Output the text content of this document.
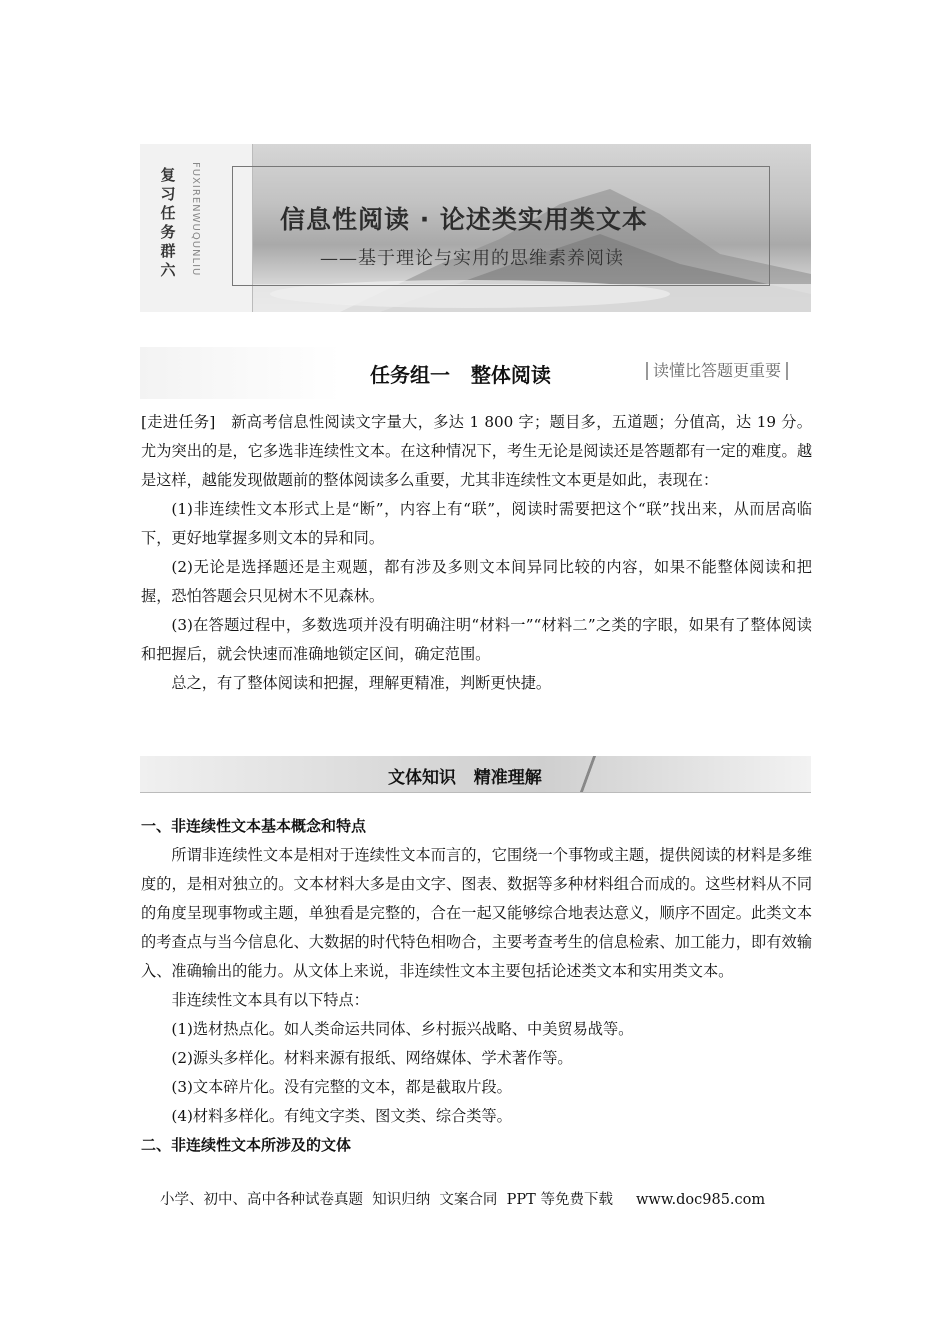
复习任务群六 FUXIRENWUQUNLIU	信息性阅读 · 论述类实用类文本
——基于理论与实用的思维素养阅读
任务组一   整体阅读	读懂比答题更重要

[走进任务]　 新高考信息性阅读文字量大，多达 1 800 字；题目多，五道题；分值高，达 19 分。尤为突出的是，它多选非连续性文本。在这种情况下，考生无论是阅读还是答题都有一定的难度。越是这样，越能发现做题前的整体阅读多么重要，尤其非连续性文本更是如此，表现在：

(1)非连续性文本形式上是“断”，内容上有“联”，阅读时需要把这个“联”找出来，从而居高临下，更好地掌握多则文本的异和同。

(2)无论是选择题还是主观题，都有涉及多则文本间异同比较的内容，如果不能整体阅读和把握，恐怕答题会只见树木不见森林。

(3)在答题过程中，多数选项并没有明确注明“材料一”“材料二”之类的字眼，如果有了整体阅读和把握后，就会快速而准确地锁定区间，确定范围。

总之，有了整体阅读和把握，理解更精准，判断更快捷。

文体知识   精准理解

一、非连续性文本基本概念和特点

所谓非连续性文本是相对于连续性文本而言的，它围绕一个事物或主题，提供阅读的材料是多维度的，是相对独立的。文本材料大多是由文字、图表、数据等多种材料组合而成的。这些材料从不同的角度呈现事物或主题，单独看是完整的，合在一起又能够综合地表达意义，顺序不固定。此类文本的考查点与当今信息化、大数据的时代特色相吻合，主要考查考生的信息检索、加工能力，即有效输入、准确输出的能力。从文体上来说，非连续性文本主要包括论述类文本和实用类文本。

非连续性文本具有以下特点：

(1)选材热点化。如人类命运共同体、乡村振兴战略、中美贸易战等。

(2)源头多样化。材料来源有报纸、网络媒体、学术著作等。

(3)文本碎片化。没有完整的文本，都是截取片段。

(4)材料多样化。有纯文字类、图文类、综合类等。

二、非连续性文本所涉及的文体

小学、初中、高中各种试卷真题  知识归纳  文案合同  PPT 等免费下载     www.doc985.com
